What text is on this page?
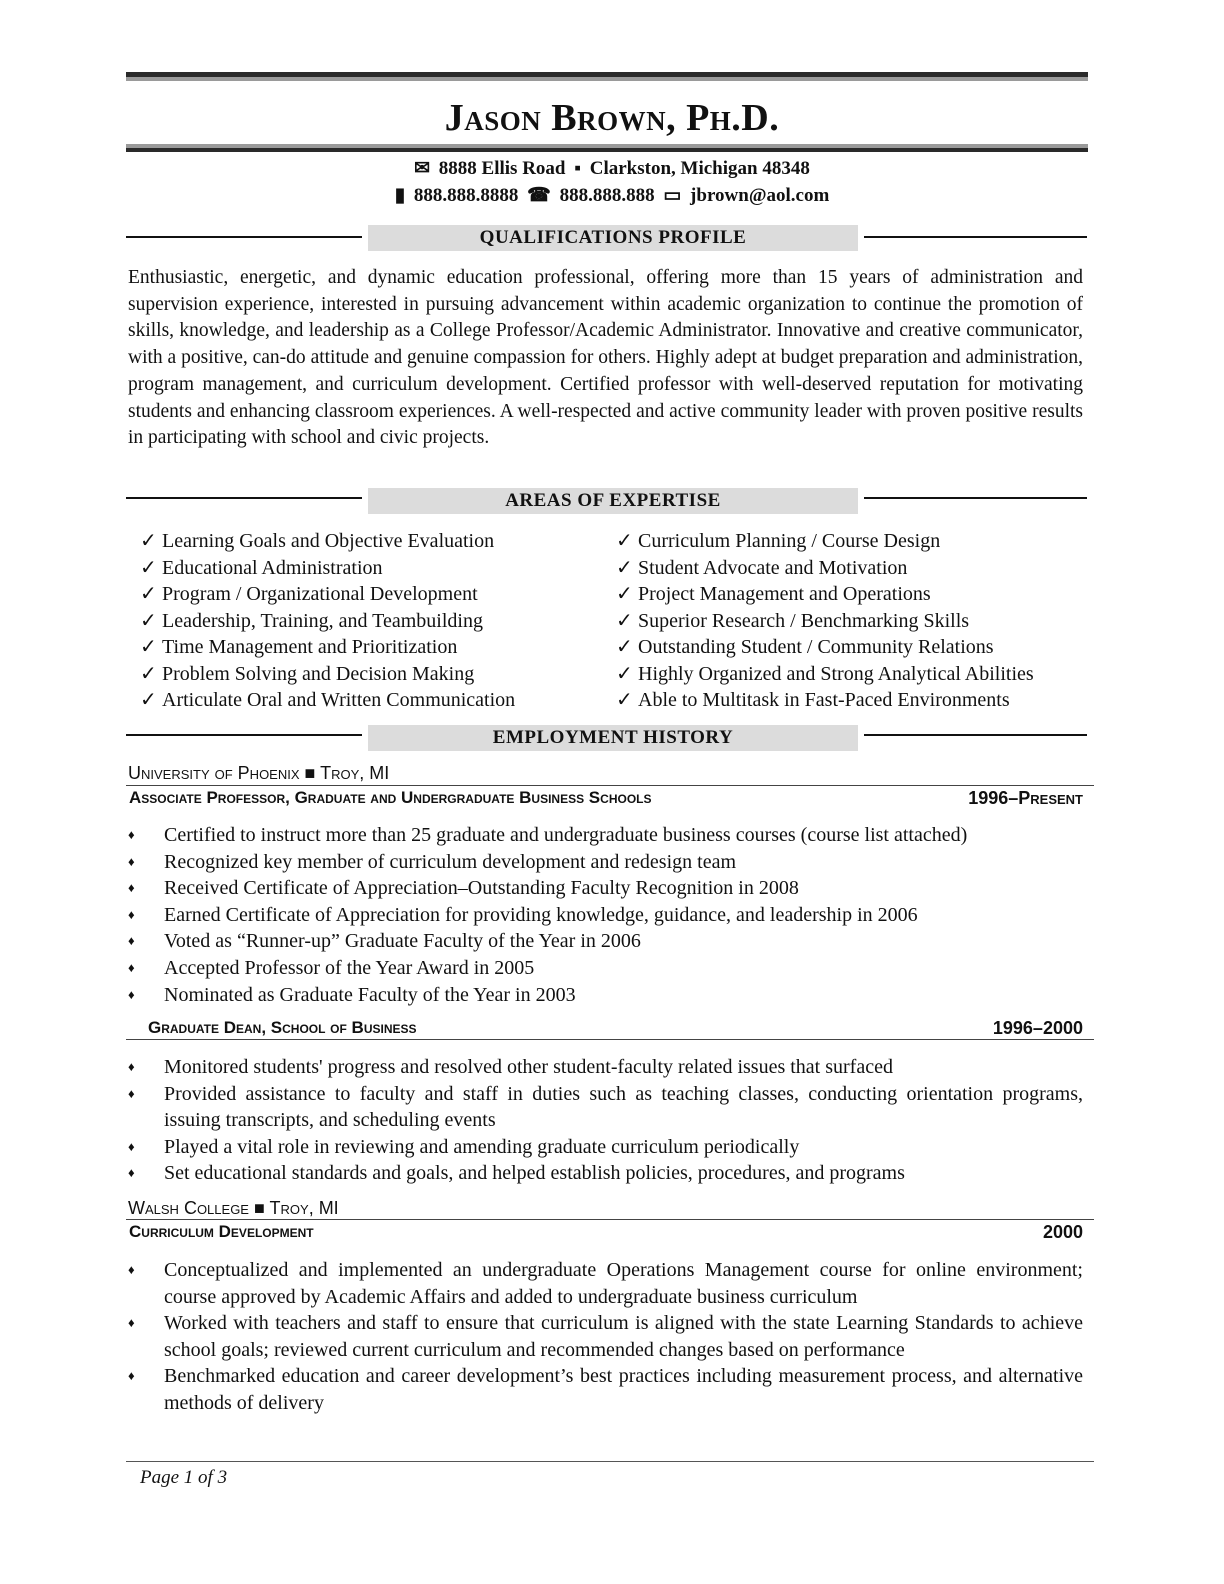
Jason Brown, Ph.D.
✉ 8888 Ellis Road ▪ Clarkston, Michigan 48348
▮ 888.888.8888 ☎ 888.888.888 ▭ jbrown@aol.com
QUALIFICATIONS PROFILE
Enthusiastic, energetic, and dynamic education professional, offering more than 15 years of administration and supervision experience, interested in pursuing advancement within academic organization to continue the promotion of skills, knowledge, and leadership as a College Professor/Academic Administrator. Innovative and creative communicator, with a positive, can-do attitude and genuine compassion for others. Highly adept at budget preparation and administration, program management, and curriculum development. Certified professor with well-deserved reputation for motivating students and enhancing classroom experiences. A well-respected and active community leader with proven positive results in participating with school and civic projects.
AREAS OF EXPERTISE
✓ Learning Goals and Objective Evaluation
✓ Educational Administration
✓ Program / Organizational Development
✓ Leadership, Training, and Teambuilding
✓ Time Management and Prioritization
✓ Problem Solving and Decision Making
✓ Articulate Oral and Written Communication
✓ Curriculum Planning / Course Design
✓ Student Advocate and Motivation
✓ Project Management and Operations
✓ Superior Research / Benchmarking Skills
✓ Outstanding Student / Community Relations
✓ Highly Organized and Strong Analytical Abilities
✓ Able to Multitask in Fast-Paced Environments
EMPLOYMENT HISTORY
University of Phoenix ■ Troy, MI
Associate Professor, Graduate and Undergraduate Business Schools	1996–Present
♦ Certified to instruct more than 25 graduate and undergraduate business courses (course list attached)
♦ Recognized key member of curriculum development and redesign team
♦ Received Certificate of Appreciation–Outstanding Faculty Recognition in 2008
♦ Earned Certificate of Appreciation for providing knowledge, guidance, and leadership in 2006
♦ Voted as “Runner-up” Graduate Faculty of the Year in 2006
♦ Accepted Professor of the Year Award in 2005
♦ Nominated as Graduate Faculty of the Year in 2003
Graduate Dean, School of Business	1996–2000
♦ Monitored students' progress and resolved other student-faculty related issues that surfaced
♦ Provided assistance to faculty and staff in duties such as teaching classes, conducting orientation programs, issuing transcripts, and scheduling events
♦ Played a vital role in reviewing and amending graduate curriculum periodically
♦ Set educational standards and goals, and helped establish policies, procedures, and programs
Walsh College ■ Troy, MI
Curriculum Development	2000
♦ Conceptualized and implemented an undergraduate Operations Management course for online environment; course approved by Academic Affairs and added to undergraduate business curriculum
♦ Worked with teachers and staff to ensure that curriculum is aligned with the state Learning Standards to achieve school goals; reviewed current curriculum and recommended changes based on performance
♦ Benchmarked education and career development’s best practices including measurement process, and alternative methods of delivery
Page 1 of 3
